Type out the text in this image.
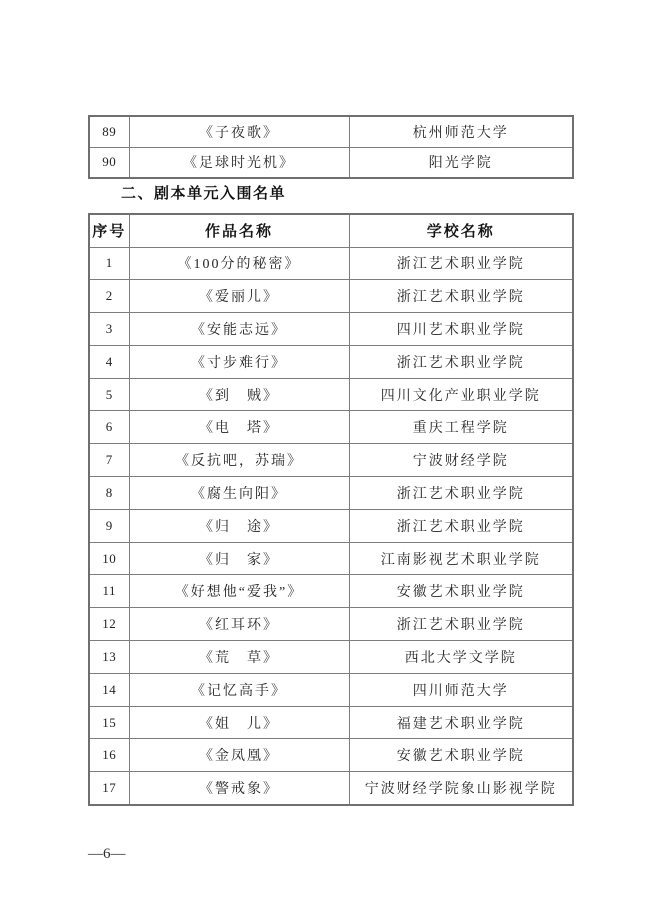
89	《子夜歌》	杭州师范大学
90	《足球时光机》	阳光学院
二、剧本单元入围名单
序号	作品名称	学校名称
1	《100分的秘密》	浙江艺术职业学院
2	《爱丽儿》	浙江艺术职业学院
3	《安能志远》	四川艺术职业学院
4	《寸步难行》	浙江艺术职业学院
5	《到　贼》	四川文化产业职业学院
6	《电　塔》	重庆工程学院
7	《反抗吧，苏瑞》	宁波财经学院
8	《腐生向阳》	浙江艺术职业学院
9	《归　途》	浙江艺术职业学院
10	《归　家》	江南影视艺术职业学院
11	《好想他“爱我”》	安徽艺术职业学院
12	《红耳环》	浙江艺术职业学院
13	《荒　草》	西北大学文学院
14	《记忆高手》	四川师范大学
15	《姐　儿》	福建艺术职业学院
16	《金凤凰》	安徽艺术职业学院
17	《警戒象》	宁波财经学院象山影视学院
—6—
